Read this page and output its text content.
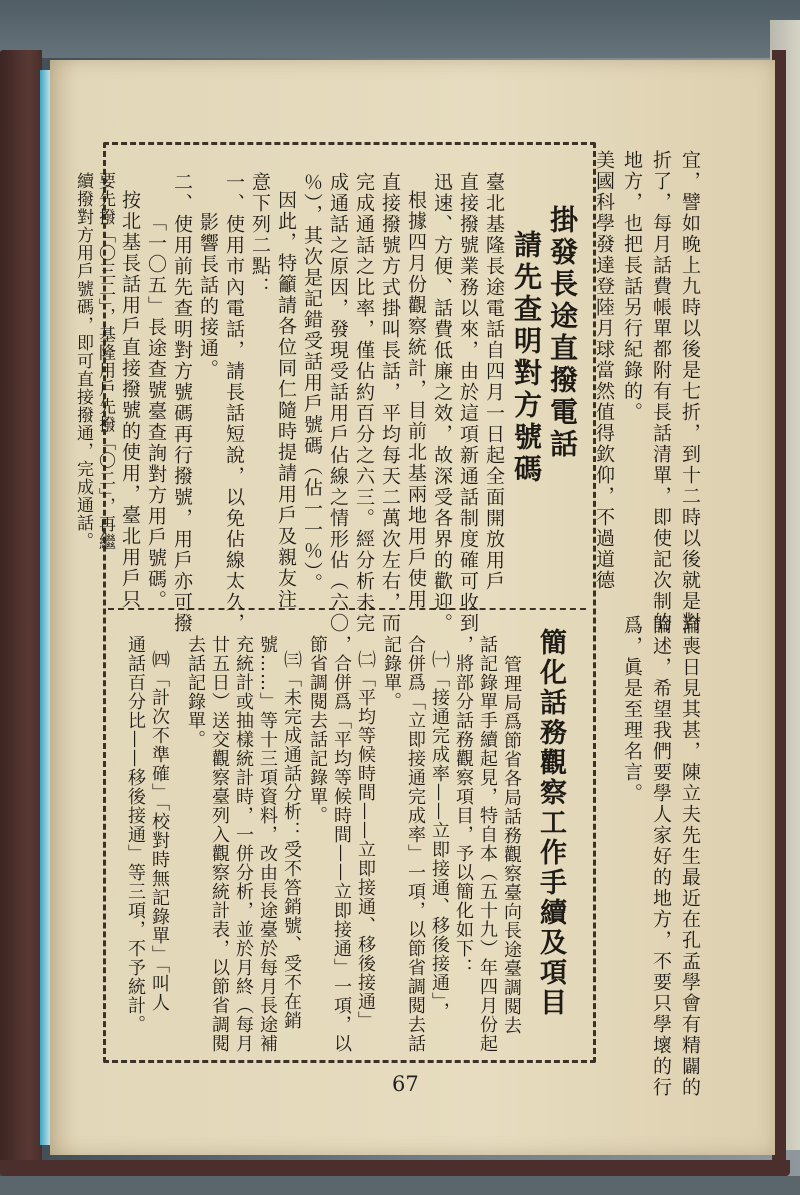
宜，譬如晚上九時以後是七折，到十二時以後就是對
折了，每月話費帳單都附有長話清單，即使記次制的
地方，也把長話另行紀錄的。
美國科學發達登陸月球當然值得欽仰，不過道德
淪喪日見其甚，陳立夫先生最近在孔孟學會有精闢的
論述，希望我們要學人家好的地方，不要只學壞的行
爲，眞是至理名言。
掛發長途直撥電話
請先查明對方號碼
臺北基隆長途電話自四月一日起全面開放用戶
直接撥號業務以來，由於這項新通話制度確可收到
迅速、方便、話費低廉之效，故深受各界的歡迎。
根據四月份觀察統計，目前北基兩地用戶使用
直接撥號方式掛叫長話，平均每天二萬次左右，而
完成通話之比率，僅佔約百分之六三。經分析未完
成通話之原因，發現受話用戶佔線之情形佔（六〇
％），其次是記錯受話用戶號碼（佔一一％）。
因此，特籲請各位同仁隨時提請用戶及親友注
意下列二點：
一、使用市內電話，請長話短說，以免佔線太久，
影響長話的接通。
二、使用前先查明對方號碼再行撥號，用戶亦可撥
「一〇五」長途查號臺查詢對方用戶號碼。
按北基長話用戶直接撥號的使用，臺北用戶只
要先撥「〇三二」，基隆用戶先撥「〇二」，再繼
續撥對方用戶號碼，即可直接撥通，完成通話。
簡化話務觀察工作手續及項目
管理局爲節省各局話務觀察臺向長途臺調閱去
話記錄單手續起見，特自本（五十九）年四月份起
，將部分話務觀察項目，予以簡化如下：
㈠「接通完成率——立即接通、移後接通」，
合併爲「立即接通完成率」一項，以節省調閱去話
記錄單。
㈡「平均等候時間——立即接通、移後接通」
，合併爲「平均等候時間——立即接通」一項，以
節省調閱去話記錄單。
㈢「未完成通話分析：受不答銷號、受不在銷
號……」等十三項資料，改由長途臺於每月長途補
充統計或抽樣統計時，一併分析，並於月終（每月
廿五日）送交觀察臺列入觀察統計表，以節省調閱
去話記錄單。
㈣「計次不準確」「校對時無記錄單」「叫人
通話百分比——移後接通」等三項，不予統計。
67
